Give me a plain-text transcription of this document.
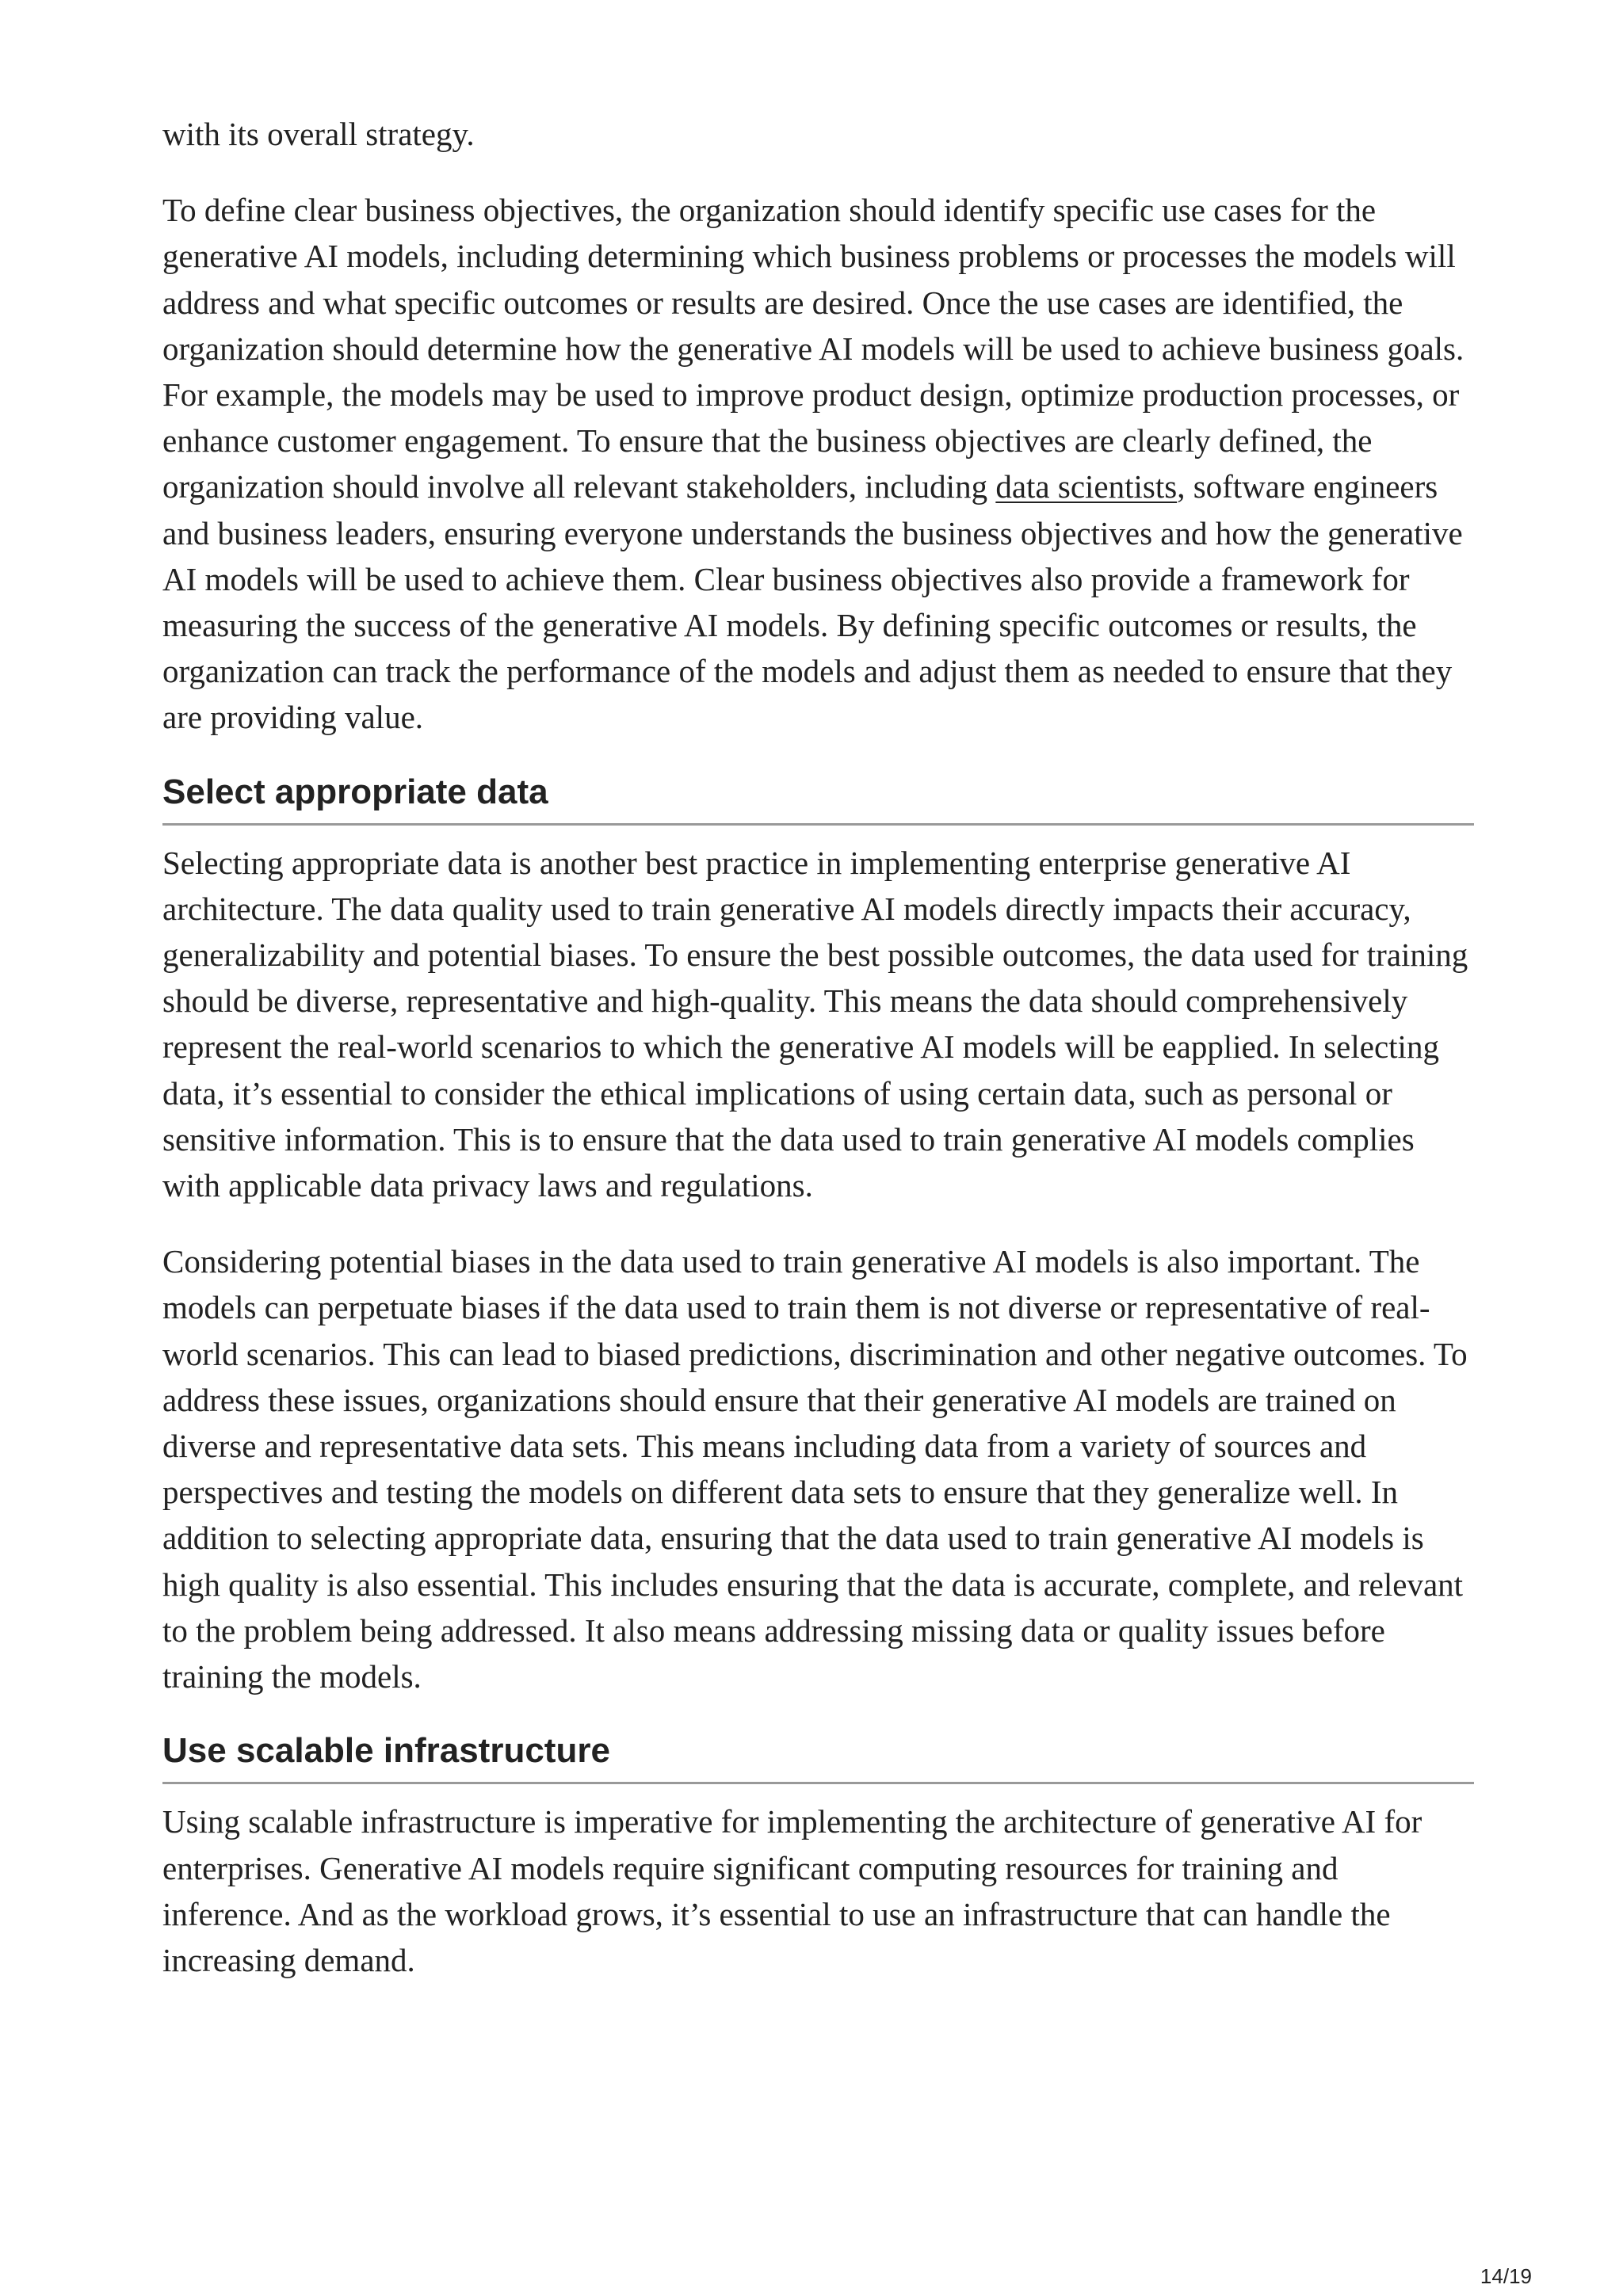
with its overall strategy.

To define clear business objectives, the organization should identify specific use cases for the generative AI models, including determining which business problems or processes the models will address and what specific outcomes or results are desired. Once the use cases are identified, the organization should determine how the generative AI models will be used to achieve business goals. For example, the models may be used to improve product design, optimize production processes, or enhance customer engagement. To ensure that the business objectives are clearly defined, the organization should involve all relevant stakeholders, including data scientists, software engineers and business leaders, ensuring everyone understands the business objectives and how the generative AI models will be used to achieve them. Clear business objectives also provide a framework for measuring the success of the generative AI models. By defining specific outcomes or results, the organization can track the performance of the models and adjust them as needed to ensure that they are providing value.

Select appropriate data

Selecting appropriate data is another best practice in implementing enterprise generative AI architecture. The data quality used to train generative AI models directly impacts their accuracy, generalizability and potential biases. To ensure the best possible outcomes, the data used for training should be diverse, representative and high-quality. This means the data should comprehensively represent the real-world scenarios to which the generative AI models will be eapplied. In selecting data, it’s essential to consider the ethical implications of using certain data, such as personal or sensitive information. This is to ensure that the data used to train generative AI models complies with applicable data privacy laws and regulations.

Considering potential biases in the data used to train generative AI models is also important. The models can perpetuate biases if the data used to train them is not diverse or representative of real-world scenarios. This can lead to biased predictions, discrimination and other negative outcomes. To address these issues, organizations should ensure that their generative AI models are trained on diverse and representative data sets. This means including data from a variety of sources and perspectives and testing the models on different data sets to ensure that they generalize well. In addition to selecting appropriate data, ensuring that the data used to train generative AI models is high quality is also essential. This includes ensuring that the data is accurate, complete, and relevant to the problem being addressed. It also means addressing missing data or quality issues before training the models.

Use scalable infrastructure

Using scalable infrastructure is imperative for implementing the architecture of generative AI for enterprises. Generative AI models require significant computing resources for training and inference. And as the workload grows, it’s essential to use an infrastructure that can handle the increasing demand.

14/19
